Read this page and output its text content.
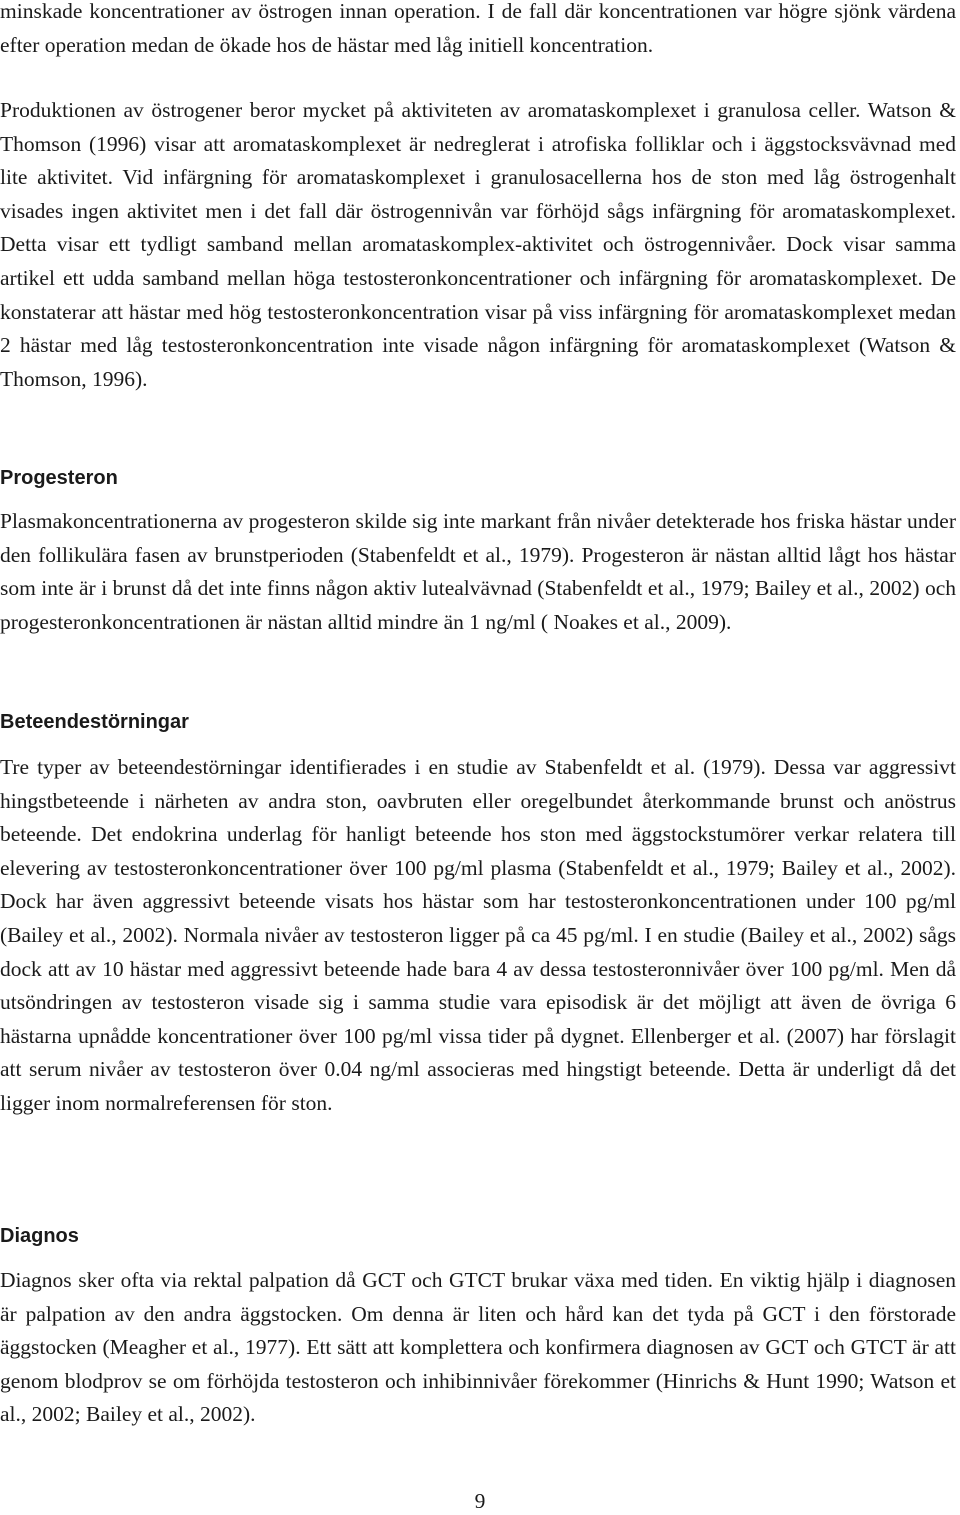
minskade koncentrationer av östrogen innan operation. I de fall där koncentrationen var högre sjönk värdena efter operation medan de ökade hos de hästar med låg initiell koncentration.

Produktionen av östrogener beror mycket på aktiviteten av aromataskomplexet i granulosa celler. Watson & Thomson (1996) visar att aromataskomplexet är nedreglerat i atrofiska folliklar och i äggstocksvävnad med lite aktivitet. Vid infärgning för aromataskomplexet i granulosacellerna hos de ston med låg östrogenhalt visades ingen aktivitet men i det fall där östrogennivån var förhöjd sågs infärgning för aromataskomplexet. Detta visar ett tydligt samband mellan aromataskomplex-aktivitet och östrogennivåer. Dock visar samma artikel ett udda samband mellan höga testosteronkoncentrationer och infärgning för aromataskomplexet. De konstaterar att hästar med hög testosteronkoncentration visar på viss infärgning för aromataskomplexet medan 2 hästar med låg testosteronkoncentration inte visade någon infärgning för aromataskomplexet (Watson & Thomson, 1996).

Progesteron

Plasmakoncentrationerna av progesteron skilde sig inte markant från nivåer detekterade hos friska hästar under den follikulära fasen av brunstperioden (Stabenfeldt et al., 1979). Progesteron är nästan alltid lågt hos hästar som inte är i brunst då det inte finns någon aktiv lutealvävnad (Stabenfeldt et al., 1979; Bailey et al., 2002) och progesteronkoncentrationen är nästan alltid mindre än 1 ng/ml ( Noakes et al., 2009).

Beteendestörningar

Tre typer av beteendestörningar identifierades i en studie av Stabenfeldt et al. (1979). Dessa var aggressivt hingstbeteende i närheten av andra ston, oavbruten eller oregelbundet återkommande brunst och anöstrus beteende. Det endokrina underlag för hanligt beteende hos ston med äggstockstumörer verkar relatera till elevering av testosteronkoncentrationer över 100 pg/ml plasma (Stabenfeldt et al., 1979; Bailey et al., 2002). Dock har även aggressivt beteende visats hos hästar som har testosteronkoncentrationen under 100 pg/ml (Bailey et al., 2002). Normala nivåer av testosteron ligger på ca 45 pg/ml. I en studie (Bailey et al., 2002) sågs dock att av 10 hästar med aggressivt beteende hade bara 4 av dessa testosteronnivåer över 100 pg/ml. Men då utsöndringen av testosteron visade sig i samma studie vara episodisk är det möjligt att även de övriga 6 hästarna upnådde koncentrationer över 100 pg/ml vissa tider på dygnet. Ellenberger et al. (2007) har förslagit att serum nivåer av testosteron över 0.04 ng/ml associeras med hingstigt beteende. Detta är underligt då det ligger inom normalreferensen för ston.

Diagnos

Diagnos sker ofta via rektal palpation då GCT och GTCT brukar växa med tiden. En viktig hjälp i diagnosen är palpation av den andra äggstocken. Om denna är liten och hård kan det tyda på GCT i den förstorade äggstocken (Meagher et al., 1977). Ett sätt att komplettera och konfirmera diagnosen av GCT och GTCT är att genom blodprov se om förhöjda testosteron och inhibinnivåer förekommer (Hinrichs & Hunt 1990; Watson et al., 2002; Bailey et al., 2002).

9
